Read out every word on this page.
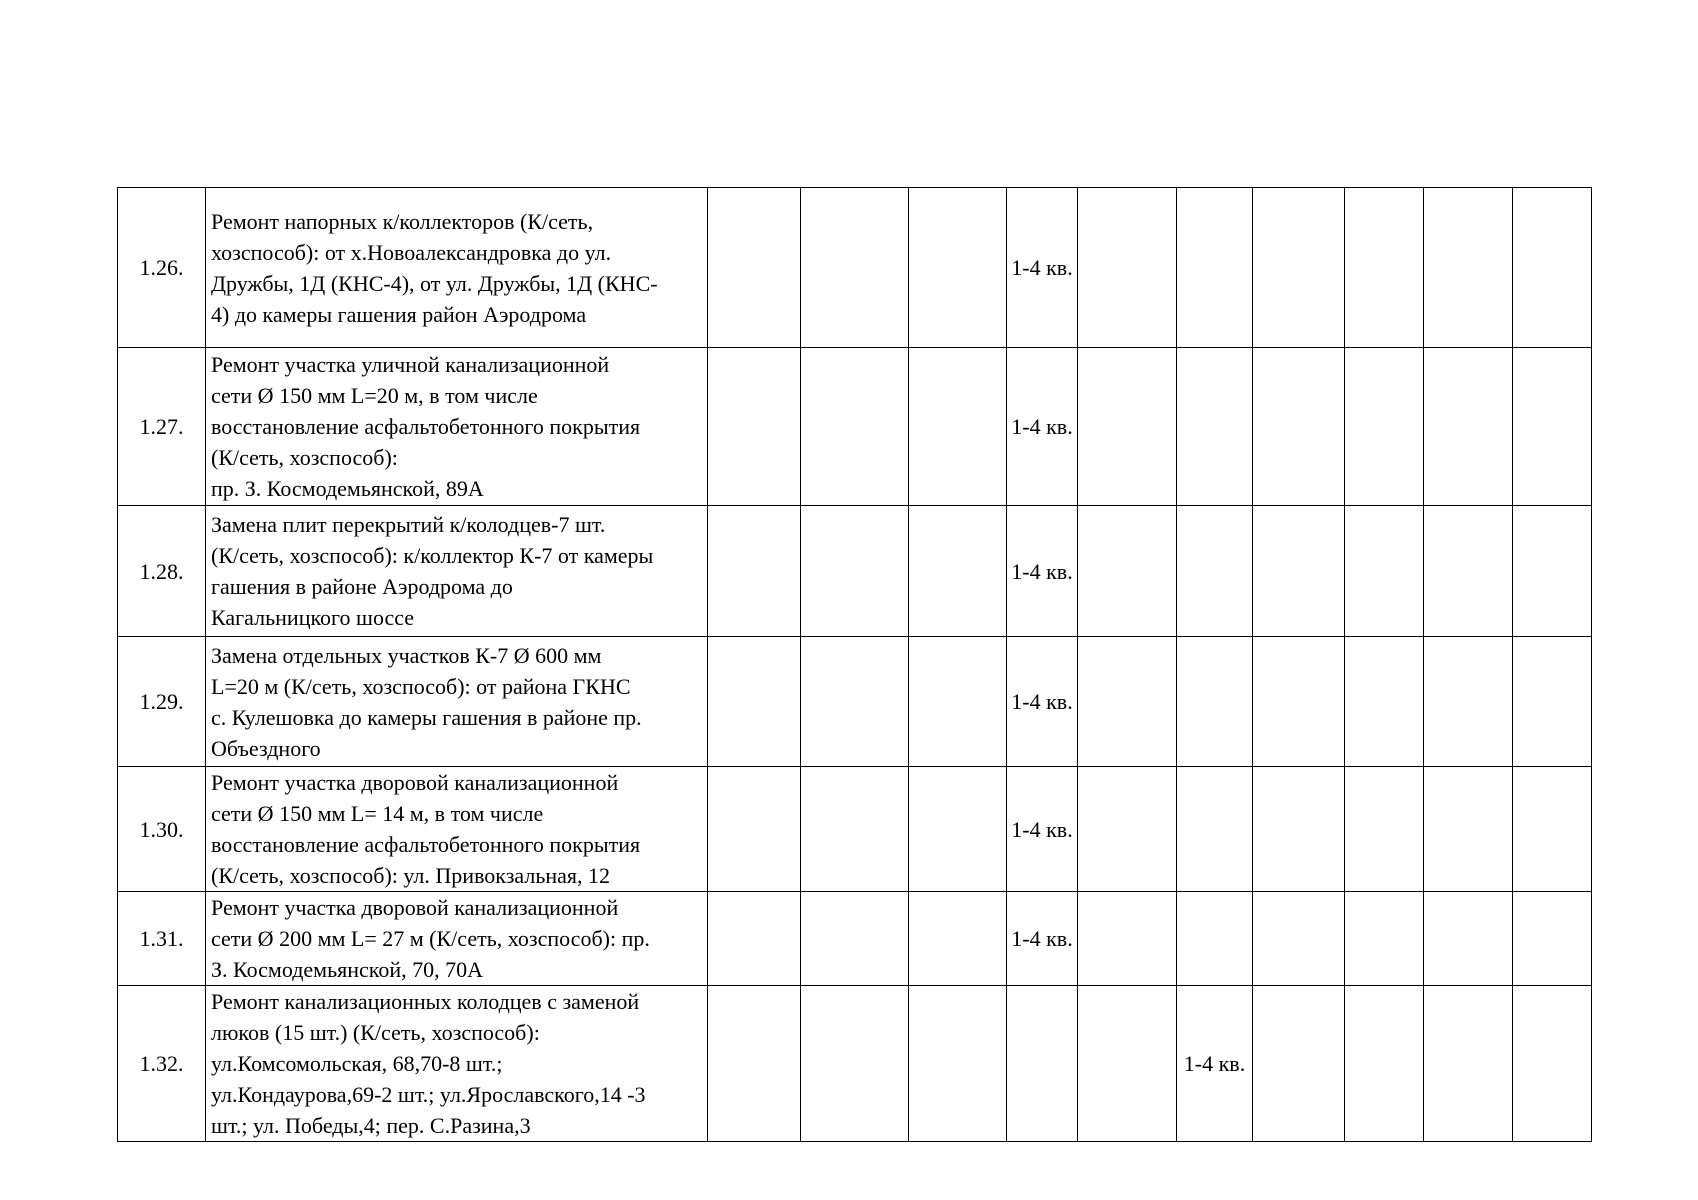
1.26.	Ремонт напорных к/коллекторов (К/сеть,
хозспособ): от х.Новоалександровка до ул.
Дружбы, 1Д (КНС-4), от ул. Дружбы, 1Д (КНС-
4) до камеры гашения район Аэродрома				1-4 кв.						
1.27.	Ремонт участка уличной канализационной
сети Ø 150 мм L=20 м, в том числе
восстановление асфальтобетонного покрытия
(К/сеть, хозспособ):
пр. З. Космодемьянской, 89А				1-4 кв.						
1.28.	Замена плит перекрытий к/колодцев-7 шт.
(К/сеть, хозспособ): к/коллектор К-7 от камеры
гашения в районе Аэродрома до
Кагальницкого шоссе				1-4 кв.						
1.29.	Замена отдельных участков К-7 Ø 600 мм
L=20 м (К/сеть, хозспособ): от района ГКНС
с. Кулешовка до камеры гашения в районе пр.
Объездного				1-4 кв.						
1.30.	Ремонт участка дворовой канализационной
сети Ø 150 мм L= 14 м, в том числе
восстановление асфальтобетонного покрытия
(К/сеть, хозспособ): ул. Привокзальная, 12				1-4 кв.						
1.31.	Ремонт участка дворовой канализационной
сети Ø 200 мм L= 27 м (К/сеть, хозспособ): пр.
З. Космодемьянской, 70, 70А				1-4 кв.						
1.32.	Ремонт канализационных колодцев с заменой
люков (15 шт.) (К/сеть, хозспособ):
ул.Комсомольская, 68,70-8 шт.;
ул.Кондаурова,69-2 шт.; ул.Ярославского,14 -3
шт.; ул. Победы,4; пер. С.Разина,3						1-4 кв.				
